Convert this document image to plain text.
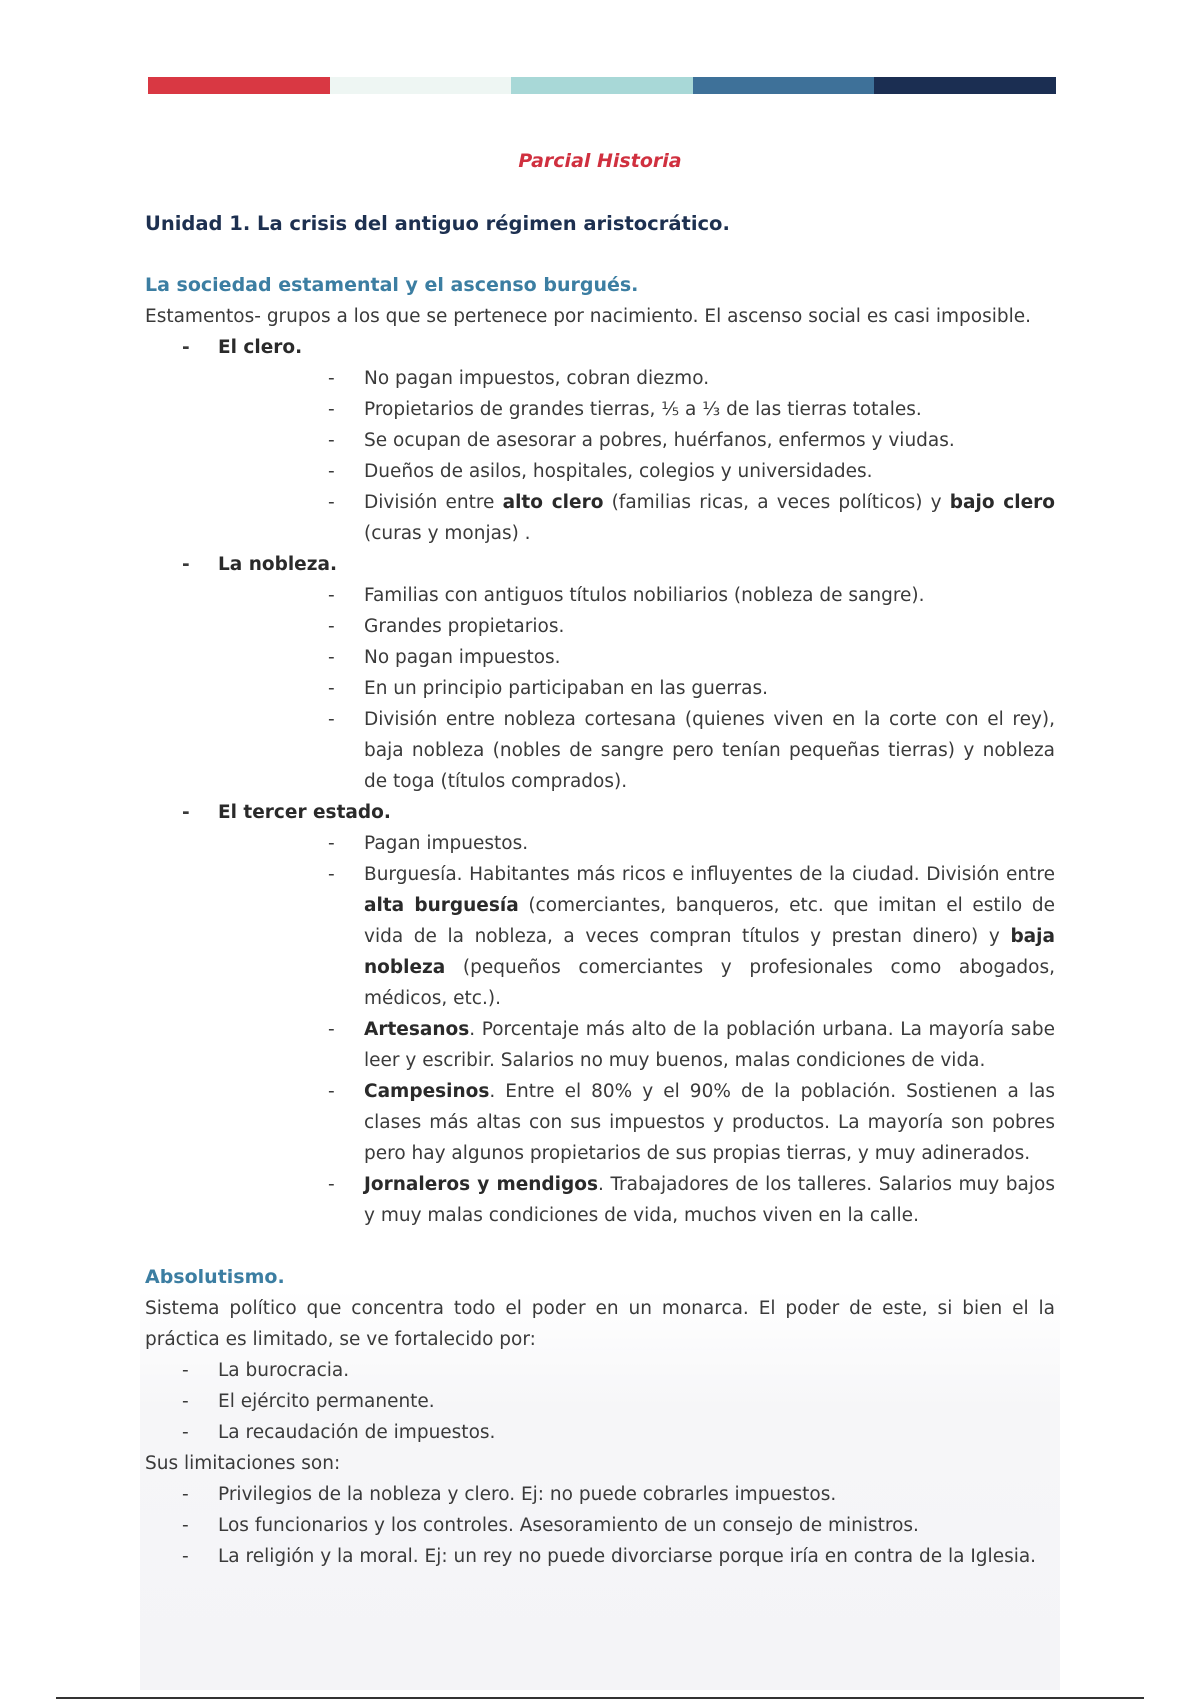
Parcial Historia

Unidad 1. La crisis del antiguo régimen aristocrático.

La sociedad estamental y el ascenso burgués.

Estamentos- grupos a los que se pertenece por nacimiento. El ascenso social es casi imposible.

- El clero.
- No pagan impuestos, cobran diezmo.
- Propietarios de grandes tierras, ⅕ a ⅓ de las tierras totales.
- Se ocupan de asesorar a pobres, huérfanos, enfermos y viudas.
- Dueños de asilos, hospitales, colegios y universidades.
- División entre alto clero (familias ricas, a veces políticos) y bajo clero (curas y monjas) .
- La nobleza.
- Familias con antiguos títulos nobiliarios (nobleza de sangre).
- Grandes propietarios.
- No pagan impuestos.
- En un principio participaban en las guerras.
- División entre nobleza cortesana (quienes viven en la corte con el rey), baja nobleza (nobles de sangre pero tenían pequeñas tierras) y nobleza de toga (títulos comprados).
- El tercer estado.
- Pagan impuestos.
- Burguesía. Habitantes más ricos e influyentes de la ciudad. División entre alta burguesía (comerciantes, banqueros, etc. que imitan el estilo de vida de la nobleza, a veces compran títulos y prestan dinero) y baja nobleza (pequeños comerciantes y profesionales como abogados, médicos, etc.).
- Artesanos. Porcentaje más alto de la población urbana. La mayoría sabe leer y escribir. Salarios no muy buenos, malas condiciones de vida.
- Campesinos. Entre el 80% y el 90% de la población. Sostienen a las clases más altas con sus impuestos y productos. La mayoría son pobres pero hay algunos propietarios de sus propias tierras, y muy adinerados.
- Jornaleros y mendigos. Trabajadores de los talleres. Salarios muy bajos y muy malas condiciones de vida, muchos viven en la calle.

Absolutismo.

Sistema político que concentra todo el poder en un monarca. El poder de este, si bien el la práctica es limitado, se ve fortalecido por:

- La burocracia.
- El ejército permanente.
- La recaudación de impuestos.

Sus limitaciones son:

- Privilegios de la nobleza y clero. Ej: no puede cobrarles impuestos.
- Los funcionarios y los controles. Asesoramiento de un consejo de ministros.
- La religión y la moral. Ej: un rey no puede divorciarse porque iría en contra de la Iglesia.
